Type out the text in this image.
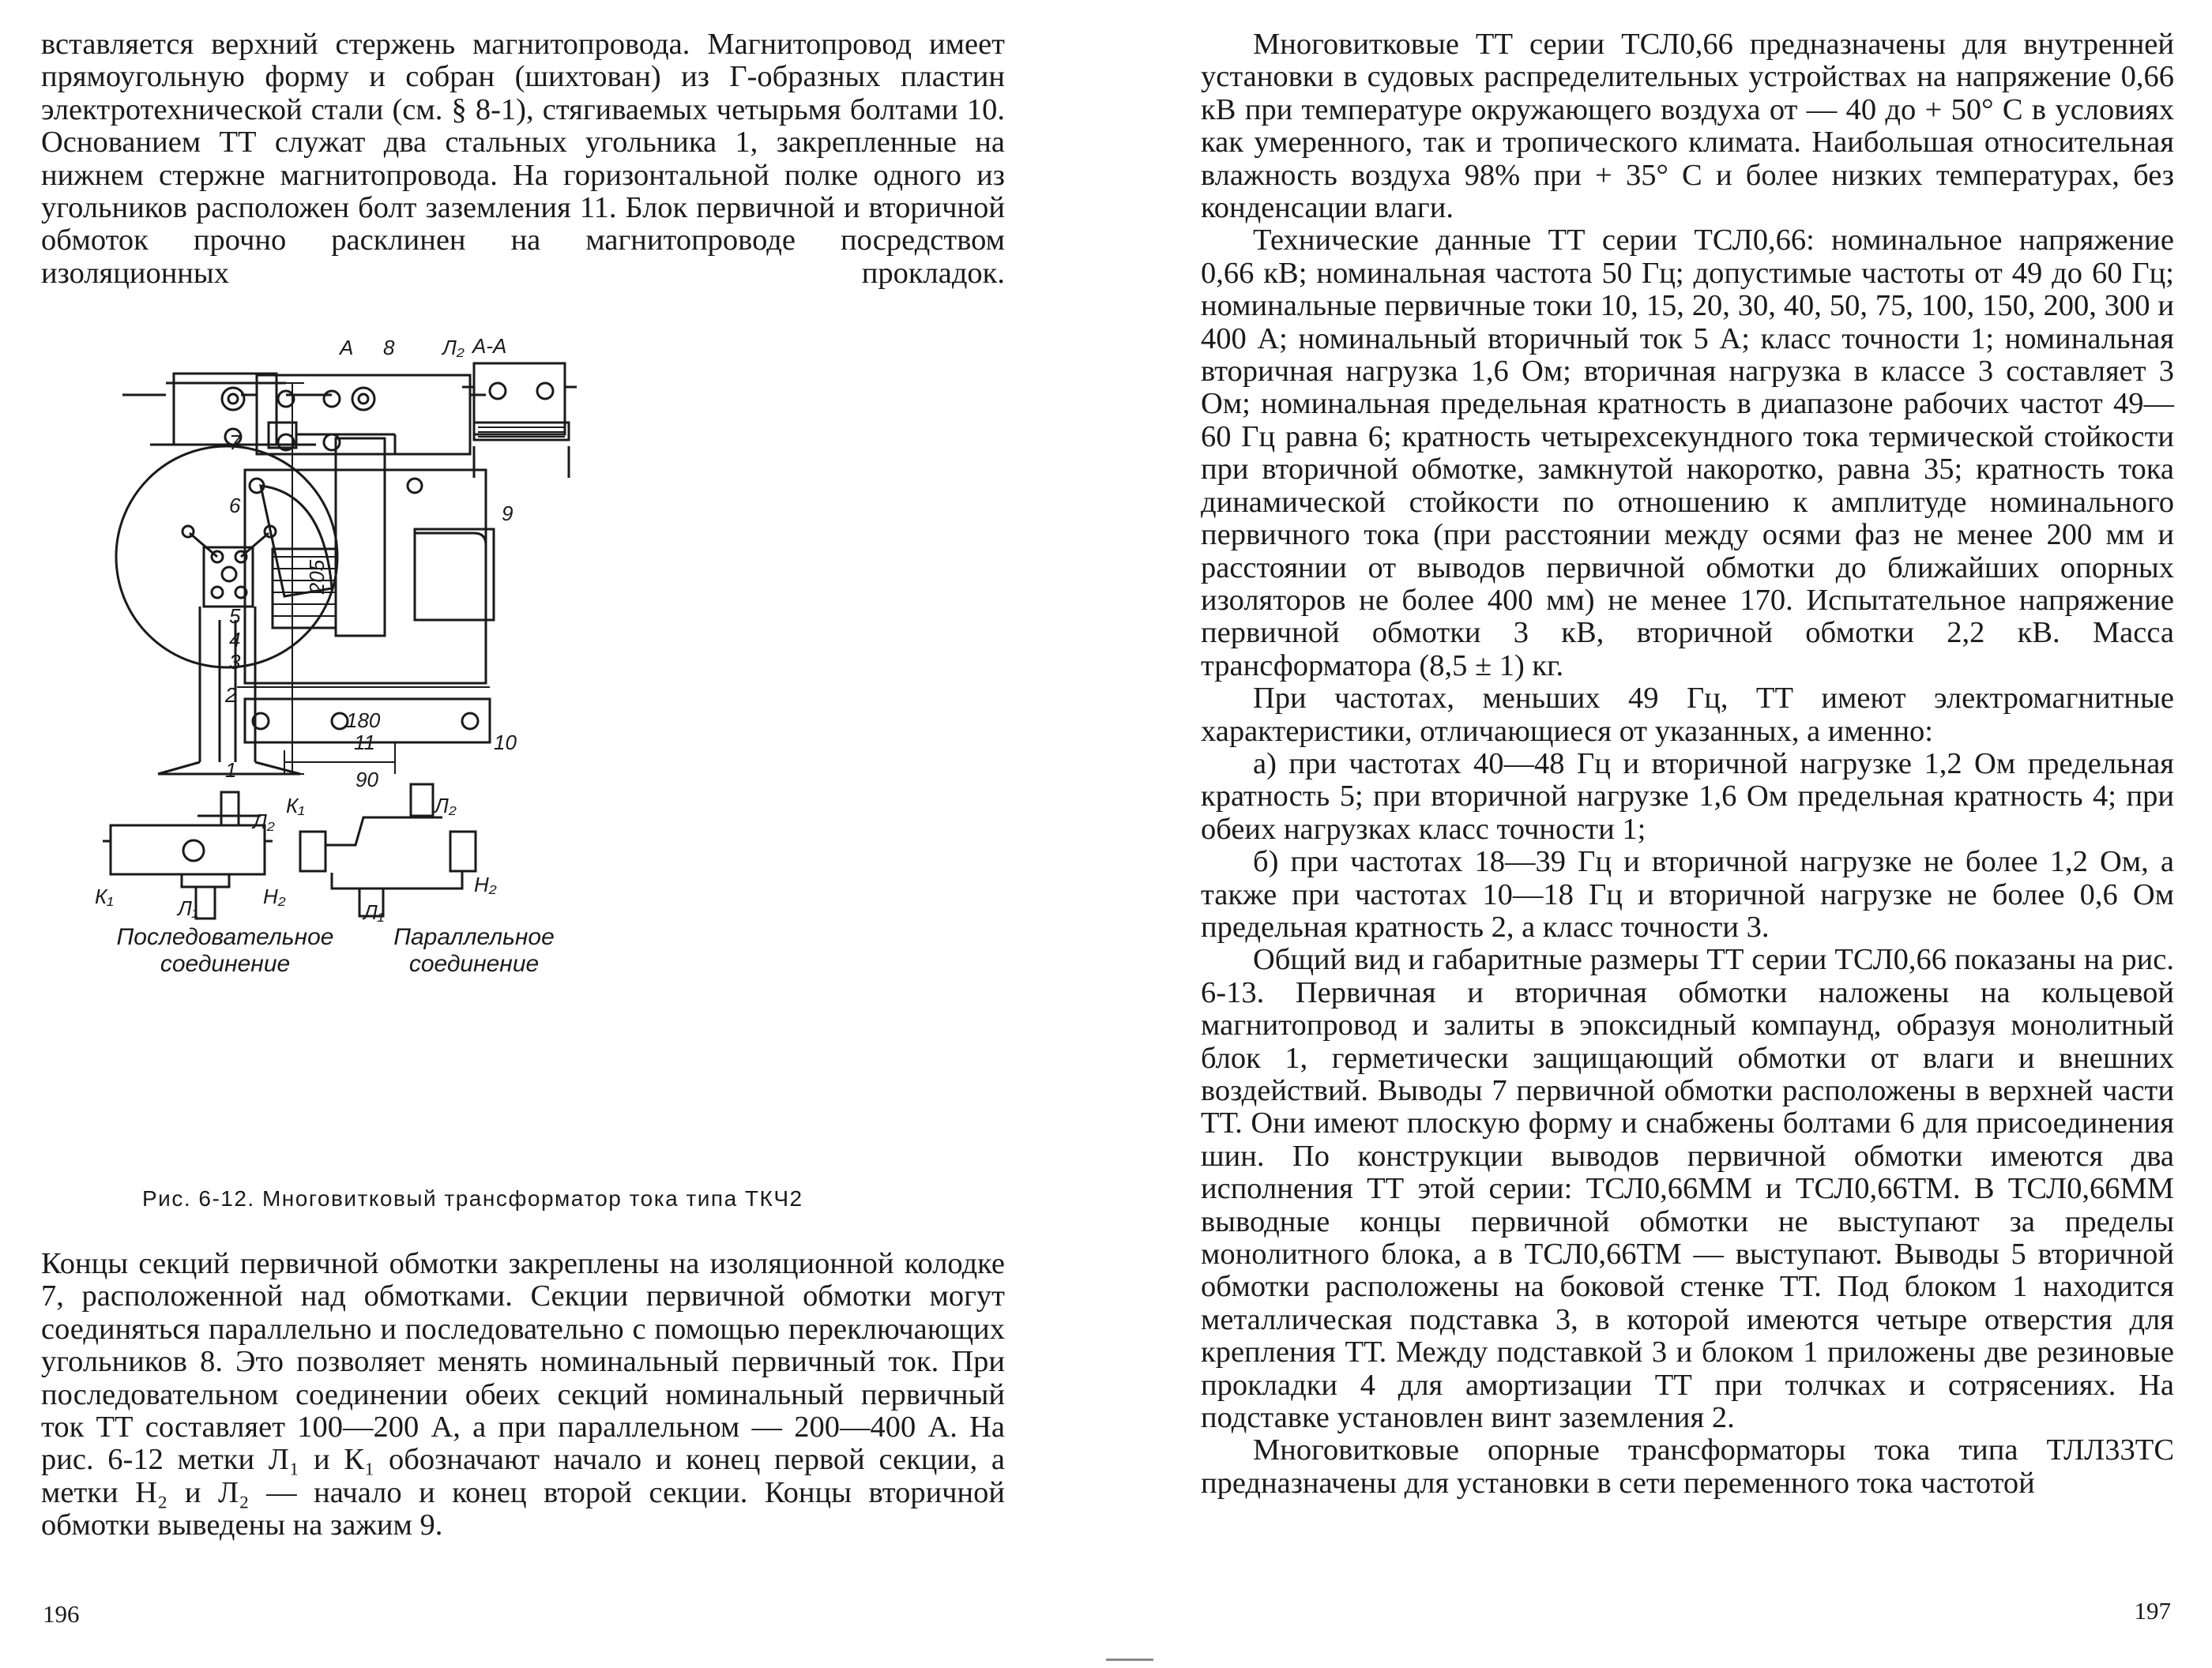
вставляется верхний стержень магнитопровода. Магнитопровод имеет прямоугольную форму и собран (шихтован) из Г-образных пластин электротехнической стали (см. § 8-1), стягиваемых четырьмя болтами 10. Основанием ТТ служат два стальных угольника 1, закрепленные на нижнем стержне магнитопровода. На горизонтальной полке одного из угольников расположен болт заземления 11. Блок первичной и вторичной обмоток прочно расклинен на магнитопроводе посредством изоляционных прокладок.

205
180
90
А-А
А
1
2
3
4
5
6
7
8
9
10
11
Л₂
Л₂
Л₁	Л₁
К₁
К₁	Л₂
Н₂	Н₂
Последовательное соединение
Параллельное соединение
Рис. 6-12. Многовитковый трансформатор тока типа ТКЧ2

Концы секций первичной обмотки закреплены на изоляционной колодке 7, расположенной над обмотками. Секции первичной обмотки могут соединяться параллельно и последовательно с помощью переключающих угольников 8. Это позволяет менять номинальный первичный ток. При последовательном соединении обеих секций номинальный первичный ток ТТ составляет 100—200 А, а при параллельном — 200—400 А. На рис. 6-12 метки Л₁ и К₁ обозначают начало и конец первой секции, а метки Н₂ и Л₂ — начало и конец второй секции. Концы вторичной обмотки выведены на зажим 9.

196

Многовитковые ТТ серии ТСЛ0,66 предназначены для внутренней установки в судовых распределительных устройствах на напряжение 0,66 кВ при температуре окружающего воздуха от — 40 до + 50° С в условиях как умеренного, так и тропического климата. Наибольшая относительная влажность воздуха 98% при + 35° С и более низких температурах, без конденсации влаги.

Технические данные ТТ серии ТСЛ0,66: номинальное напряжение 0,66 кВ; номинальная частота 50 Гц; допустимые частоты от 49 до 60 Гц; номинальные первичные токи 10, 15, 20, 30, 40, 50, 75, 100, 150, 200, 300 и 400 А; номинальный вторичный ток 5 А; класс точности 1; номинальная вторичная нагрузка 1,6 Ом; вторичная нагрузка в классе 3 составляет 3 Ом; номинальная предельная кратность в диапазоне рабочих частот 49—60 Гц равна 6; кратность четырехсекундного тока термической стойкости при вторичной обмотке, замкнутой накоротко, равна 35; кратность тока динамической стойкости по отношению к амплитуде номинального первичного тока (при расстоянии между осями фаз не менее 200 мм и расстоянии от выводов первичной обмотки до ближайших опорных изоляторов не более 400 мм) не менее 170. Испытательное напряжение первичной обмотки 3 кВ, вторичной обмотки 2,2 кВ. Масса трансформатора (8,5 ± 1) кг.

При частотах, меньших 49 Гц, ТТ имеют электромагнитные характеристики, отличающиеся от указанных, а именно:

а) при частотах 40—48 Гц и вторичной нагрузке 1,2 Ом предельная кратность 5; при вторичной нагрузке 1,6 Ом предельная кратность 4; при обеих нагрузках класс точности 1;

б) при частотах 18—39 Гц и вторичной нагрузке не более 1,2 Ом, а также при частотах 10—18 Гц и вторичной нагрузке не более 0,6 Ом предельная кратность 2, а класс точности 3.

Общий вид и габаритные размеры ТТ серии ТСЛ0,66 показаны на рис. 6-13. Первичная и вторичная обмотки наложены на кольцевой магнитопровод и залиты в эпоксидный компаунд, образуя монолитный блок 1, герметически защищающий обмотки от влаги и внешних воздействий. Выводы 7 первичной обмотки расположены в верхней части ТТ. Они имеют плоскую форму и снабжены болтами 6 для присоединения шин. По конструкции выводов первичной обмотки имеются два исполнения ТТ этой серии: ТСЛ0,66ММ и ТСЛ0,66ТМ. В ТСЛ0,66ММ выводные концы первичной обмотки не выступают за пределы монолитного блока, а в ТСЛ0,66ТМ — выступают. Выводы 5 вторичной обмотки расположены на боковой стенке ТТ. Под блоком 1 находится металлическая подставка 3, в которой имеются четыре отверстия для крепления ТТ. Между подставкой 3 и блоком 1 приложены две резиновые прокладки 4 для амортизации ТТ при толчках и сотрясениях. На подставке установлен винт заземления 2.

Многовитковые опорные трансформаторы тока типа ТЛЛ33ТС предназначены для установки в сети переменного тока частотой

197
